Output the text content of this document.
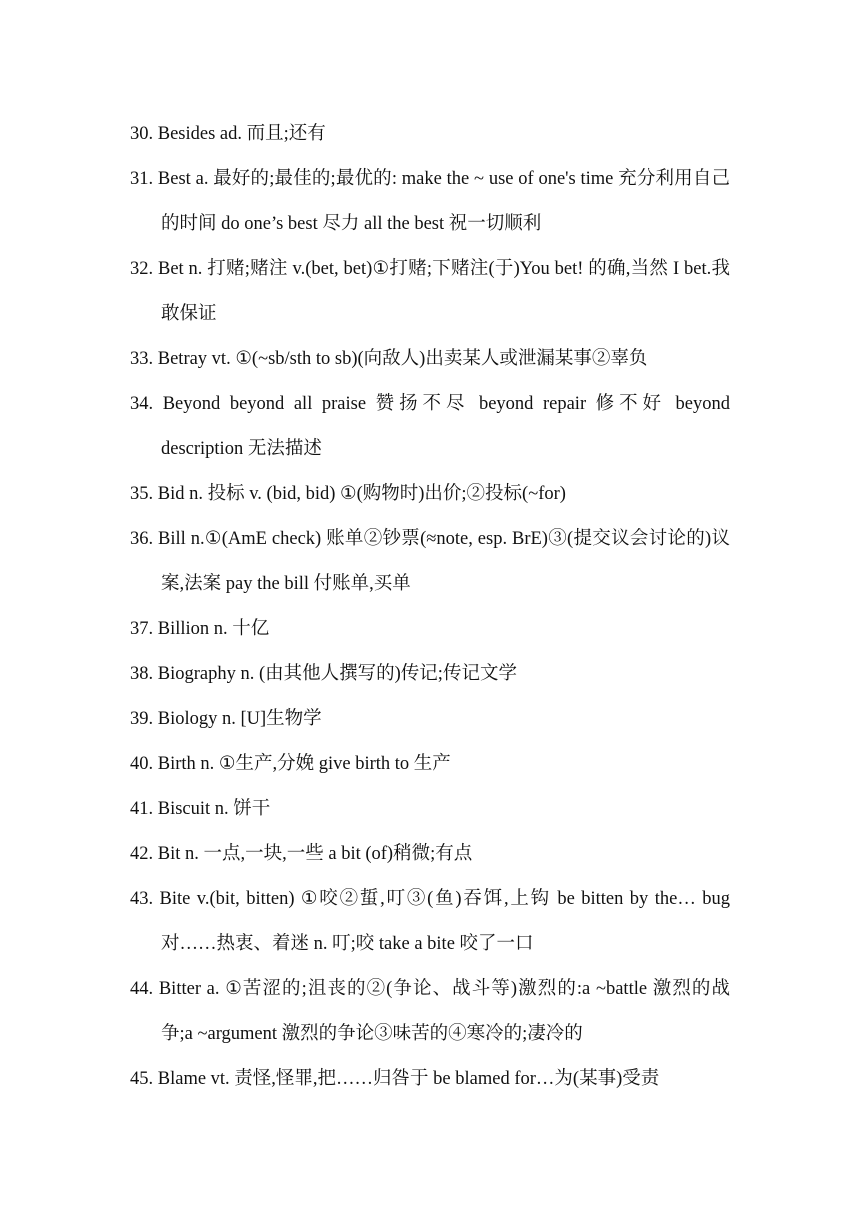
30. Besides ad. 而且;还有
31. Best a. 最好的;最佳的;最优的: make the ~ use of one's time 充分利用自己的时间 do one’s best 尽力 all the best 祝一切顺利
32. Bet n. 打赌;赌注 v.(bet, bet)①打赌;下赌注(于)You bet! 的确,当然 I bet.我敢保证
33. Betray vt. ①(~sb/sth to sb)(向敌人)出卖某人或泄漏某事②辜负
34. Beyond beyond all praise 赞扬不尽 beyond repair 修不好 beyond description 无法描述
35. Bid n. 投标 v. (bid, bid) ①(购物时)出价;②投标(~for)
36. Bill n.①(AmE check) 账单②钞票(≈note, esp. BrE)③(提交议会讨论的)议案,法案 pay the bill 付账单,买单
37. Billion n. 十亿
38. Biography n. (由其他人撰写的)传记;传记文学
39. Biology n. [U]生物学
40. Birth n. ①生产,分娩 give birth to 生产
41. Biscuit n. 饼干
42. Bit n. 一点,一块,一些 a bit (of)稍微;有点
43. Bite v.(bit, bitten) ①咬②蜇,叮③(鱼)吞饵,上钩 be bitten by the… bug 对……热衷、着迷 n. 叮;咬 take a bite 咬了一口
44. Bitter a. ①苦涩的;沮丧的②(争论、战斗等)激烈的:a ~battle 激烈的战争;a ~argument 激烈的争论③味苦的④寒冷的;凄冷的
45. Blame vt. 责怪,怪罪,把……归咎于 be blamed for…为(某事)受责
